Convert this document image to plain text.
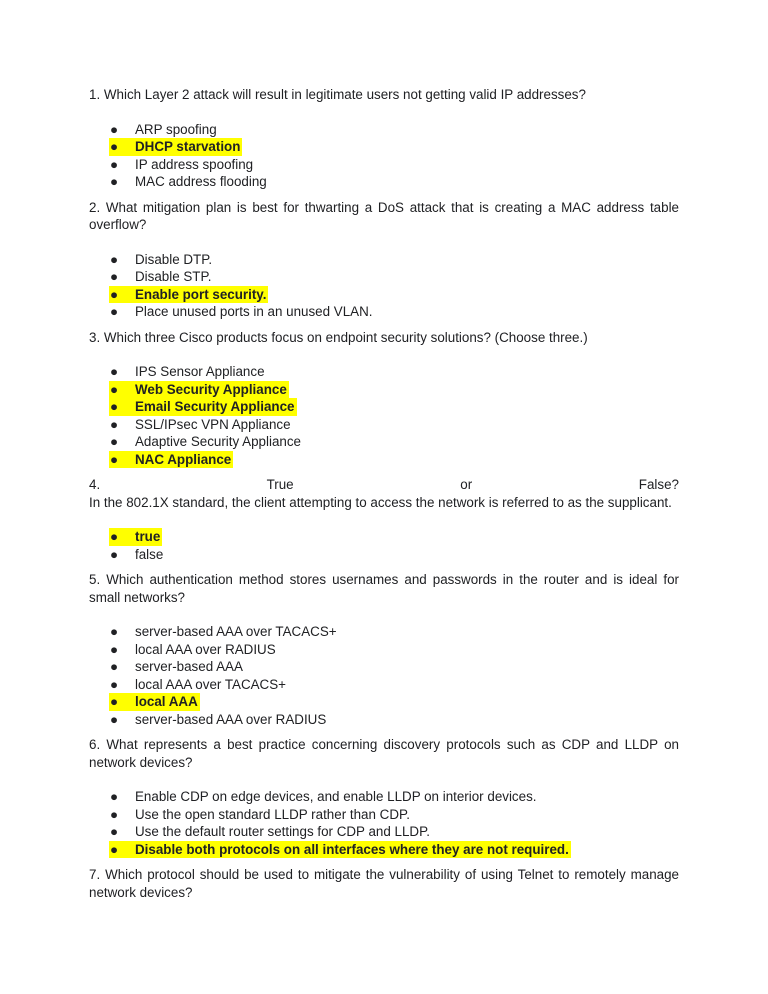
1. Which Layer 2 attack will result in legitimate users not getting valid IP addresses?

●	ARP spoofing
●	DHCP starvation
●	IP address spoofing
●	MAC address flooding

2. What mitigation plan is best for thwarting a DoS attack that is creating a MAC address table overflow?

●	Disable DTP.
●	Disable STP.
●	Enable port security.
●	Place unused ports in an unused VLAN.

3. Which three Cisco products focus on endpoint security solutions? (Choose three.)

●	IPS Sensor Appliance
●	Web Security Appliance
●	Email Security Appliance
●	SSL/IPsec VPN Appliance
●	Adaptive Security Appliance
●	NAC Appliance

4. True or False?

In the 802.1X standard, the client attempting to access the network is referred to as the supplicant.

●	true
●	false

5. Which authentication method stores usernames and passwords in the router and is ideal for small networks?

●	server-based AAA over TACACS+
●	local AAA over RADIUS
●	server-based AAA
●	local AAA over TACACS+
●	local AAA
●	server-based AAA over RADIUS

6. What represents a best practice concerning discovery protocols such as CDP and LLDP on network devices?

●	Enable CDP on edge devices, and enable LLDP on interior devices.
●	Use the open standard LLDP rather than CDP.
●	Use the default router settings for CDP and LLDP.
●	Disable both protocols on all interfaces where they are not required.

7. Which protocol should be used to mitigate the vulnerability of using Telnet to remotely manage network devices?
